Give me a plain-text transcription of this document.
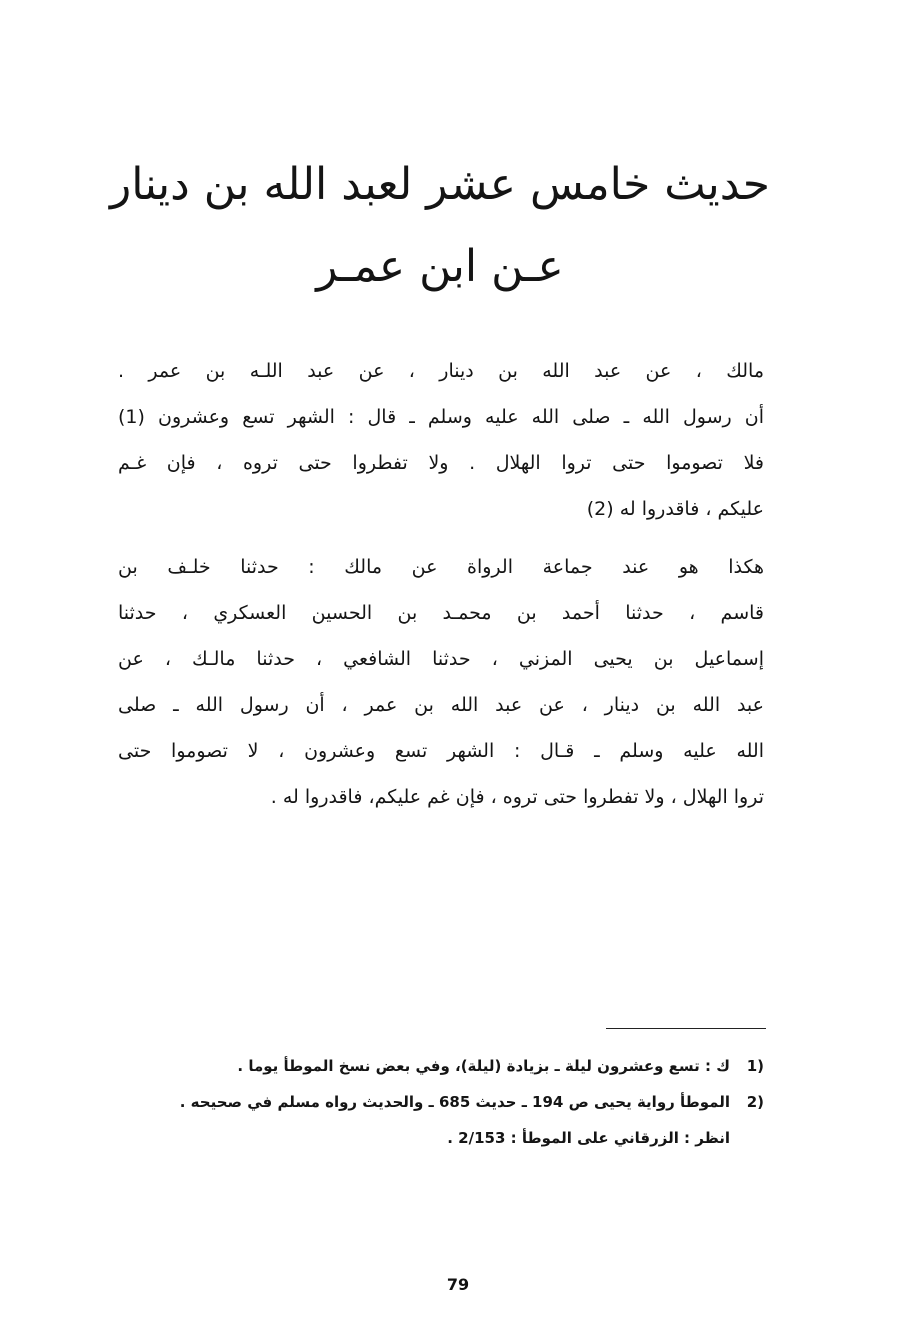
حديث خامس عشر لعبد الله بن دينار
عـن ابن عمـر
مالك ، عن عبد الله بن دينار ، عن عبد اللـه بن عمر .
أن رسول الله ـ صلى الله عليه وسلم ـ قال : الشهر تسع وعشرون (1)
فلا تصوموا حتى تروا الهلال . ولا تفطروا حتى تروه ، فإن غـم
عليكم ، فاقدروا له (2)
هكذا هو عند جماعة الرواة عن مالك : حدثنا خلـف بن
قاسم ، حدثنا أحمد بن محمـد بن الحسين العسكري ، حدثنا
إسماعيل بن يحيى المزني ، حدثنا الشافعي ، حدثنا مالـك ، عن
عبد الله بن دينار ، عن عبد الله بن عمر ، أن رسول الله ـ صلى
الله عليه وسلم ـ قـال : الشهر تسع وعشرون ، لا تصوموا حتى
تروا الهلال ، ولا تفطروا حتى تروه ، فإن غم عليكم، فاقدروا له .
1)
ك : تسع وعشرون ليلة ـ بزيادة (ليلة)، وفي بعض نسخ الموطأ يوما .
2)
الموطأ رواية يحيى ص 194 ـ حديث 685 ـ والحديث رواه مسلم في صحيحه .
انظر : الزرقاني على الموطأ : 2/153 .
79
